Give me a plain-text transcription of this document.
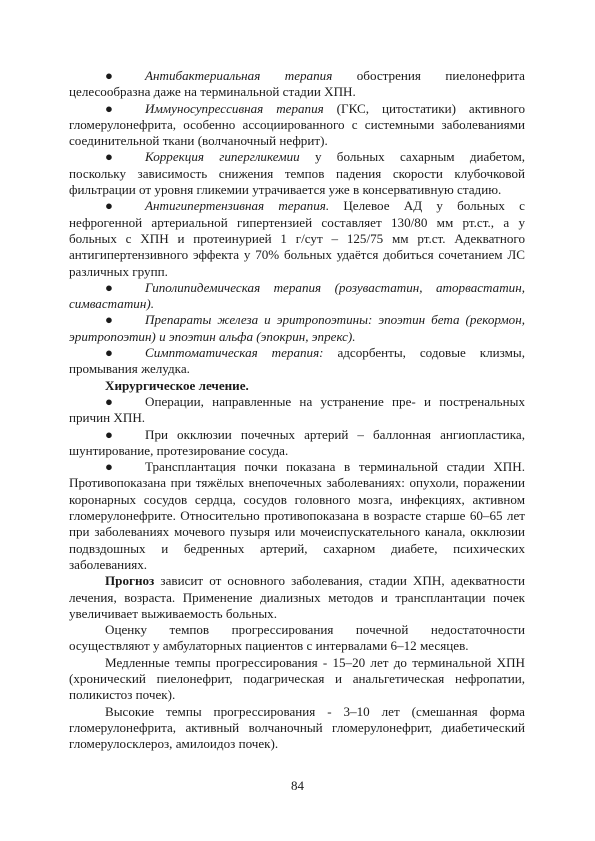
● Антибактериальная терапия обострения пиелонефрита целесообразна даже на терминальной стадии ХПН.

● Иммуносупрессивная терапия (ГКС, цитостатики) активного гломерулонефрита, особенно ассоциированного с системными заболеваниями соединительной ткани (волчаночный нефрит).

● Коррекция гипергликемии у больных сахарным диабетом, поскольку зависимость снижения темпов падения скорости клубочковой фильтрации от уровня гликемии утрачивается уже в консервативную стадию.

● Антигипертензивная терапия. Целевое АД у больных с нефрогенной артериальной гипертензией составляет 130/80 мм рт.ст., а у больных с ХПН и протеинурией 1 г/сут – 125/75 мм рт.ст. Адекватного антигипертензивного эффекта у 70% больных удаётся добиться сочетанием ЛС различных групп.

● Гиполипидемическая терапия (розувастатин, аторвастатин, симвастатин).

● Препараты железа и эритропоэтины: эпоэтин бета (рекормон, эритропоэтин) и эпоэтин альфа (эпокрин, эпрекс).

● Симптоматическая терапия: адсорбенты, содовые клизмы, промывания желудка.

Хирургическое лечение.

● Операции, направленные на устранение пре- и постренальных причин ХПН.

● При окклюзии почечных артерий – баллонная ангиопластика, шунтирование, протезирование сосуда.

● Трансплантация почки показана в терминальной стадии ХПН. Противопоказана при тяжёлых внепочечных заболеваниях: опухоли, поражении коронарных сосудов сердца, сосудов головного мозга, инфекциях, активном гломерулонефрите. Относительно противопоказана в возрасте старше 60–65 лет при заболеваниях мочевого пузыря или мочеиспускательного канала, окклюзии подвздошных и бедренных артерий, сахарном диабете, психических заболеваниях.

Прогноз зависит от основного заболевания, стадии ХПН, адекватности лечения, возраста. Применение диализных методов и трансплантации почек увеличивает выживаемость больных.

Оценку темпов прогрессирования почечной недостаточности осуществляют у амбулаторных пациентов с интервалами 6–12 месяцев.

Медленные темпы прогрессирования - 15–20 лет до терминальной ХПН (хронический пиелонефрит, подагрическая и анальгетическая нефропатии, поликистоз почек).

Высокие темпы прогрессирования - 3–10 лет (смешанная форма гломерулонефрита, активный волчаночный гломерулонефрит, диабетический гломерулосклероз, амилоидоз почек).

84
